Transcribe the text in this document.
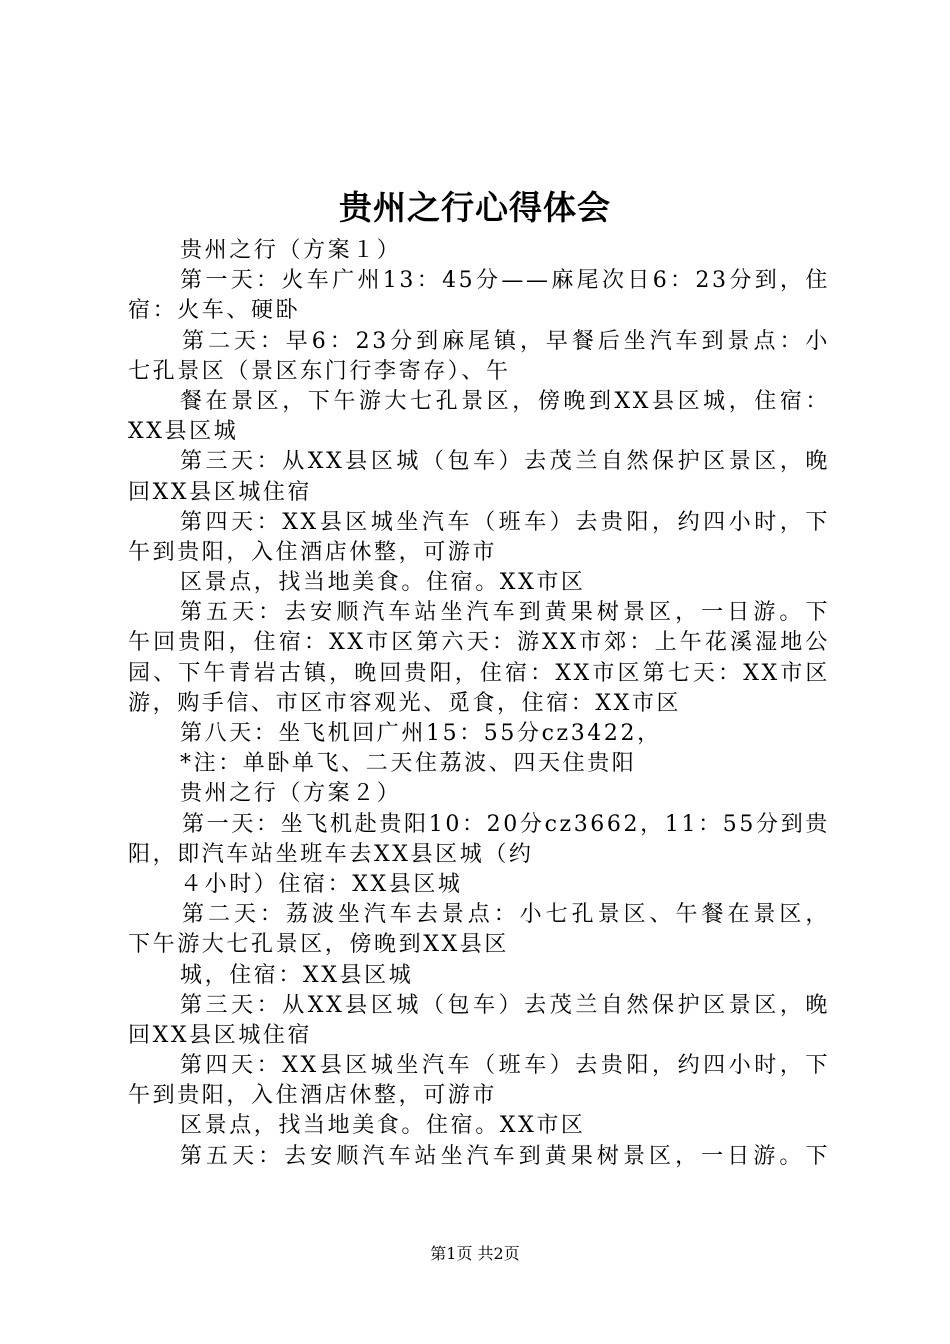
贵州之行心得体会
贵州之行（方案１）
第一天：火车广州13：45分——麻尾次日6：23分到，住
宿：火车、硬卧
第二天：早6：23分到麻尾镇，早餐后坐汽车到景点：小
七孔景区（景区东门行李寄存）、午
餐在景区，下午游大七孔景区，傍晚到XX县区城，住宿：
XX县区城
第三天：从XX县区城（包车）去茂兰自然保护区景区，晚
回XX县区城住宿
第四天：XX县区城坐汽车（班车）去贵阳，约四小时，下
午到贵阳，入住酒店休整，可游市
区景点，找当地美食。住宿。XX市区
第五天：去安顺汽车站坐汽车到黄果树景区，一日游。下
午回贵阳，住宿：XX市区第六天：游XX市郊：上午花溪湿地公
园、下午青岩古镇，晚回贵阳，住宿：XX市区第七天：XX市区
游，购手信、市区市容观光、觅食，住宿：XX市区
第八天：坐飞机回广州15：55分cz3422，
*注：单卧单飞、二天住荔波、四天住贵阳
贵州之行（方案２）
第一天：坐飞机赴贵阳10：20分cz3662，11：55分到贵
阳，即汽车站坐班车去XX县区城（约
４小时）住宿：XX县区城
第二天：荔波坐汽车去景点：小七孔景区、午餐在景区，
下午游大七孔景区，傍晚到XX县区
城，住宿：XX县区城
第三天：从XX县区城（包车）去茂兰自然保护区景区，晚
回XX县区城住宿
第四天：XX县区城坐汽车（班车）去贵阳，约四小时，下
午到贵阳，入住酒店休整，可游市
区景点，找当地美食。住宿。XX市区
第五天：去安顺汽车站坐汽车到黄果树景区，一日游。下
第1页 共2页
